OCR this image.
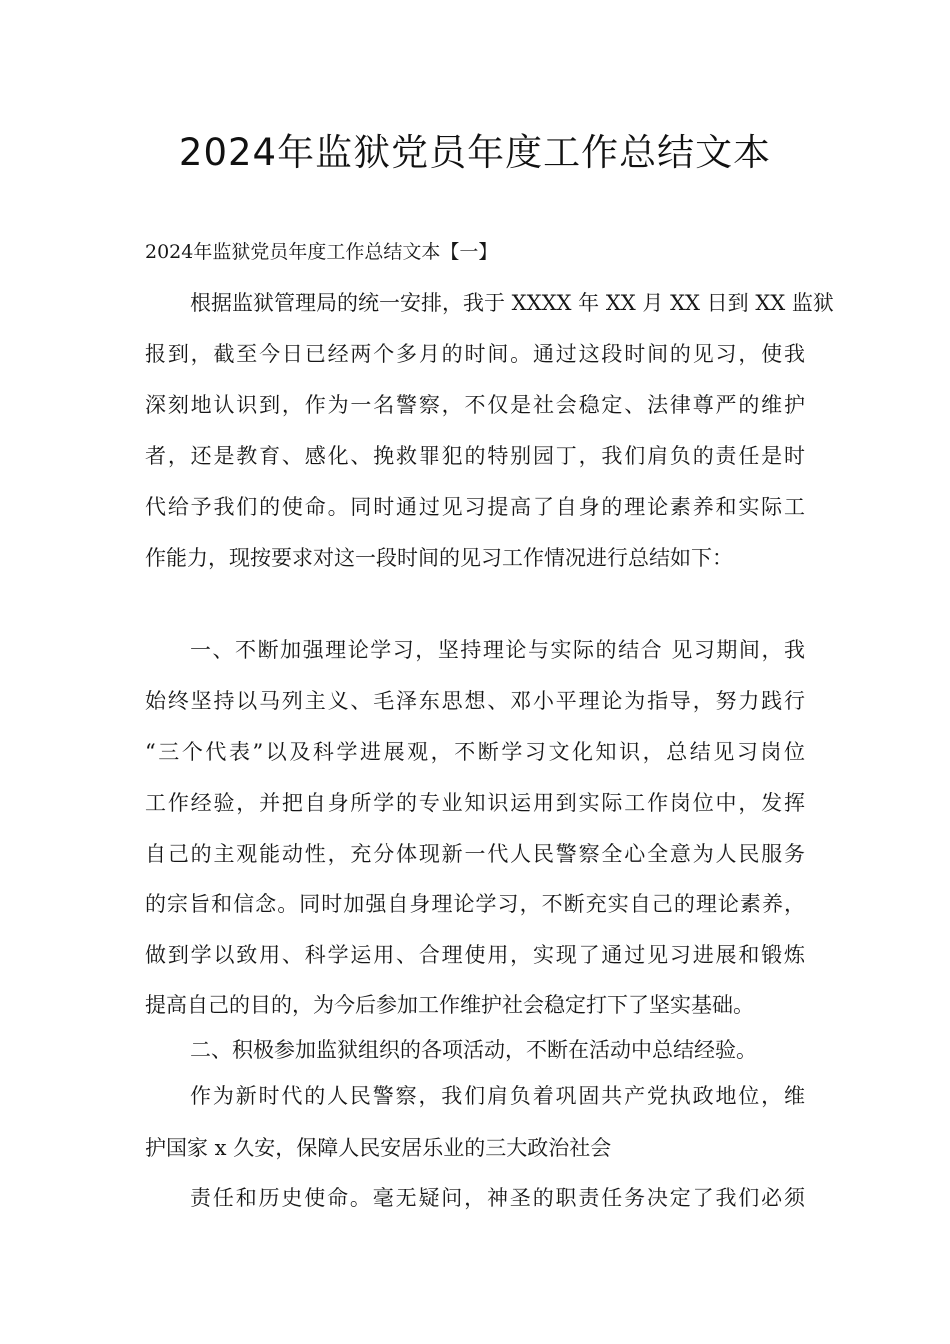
2024年监狱党员年度工作总结文本
2024年监狱党员年度工作总结文本【一】
根据监狱管理局的统一安排，我于 XXXX 年 XX 月 XX 日到 XX 监狱
报到，截至今日已经两个多月的时间。通过这段时间的见习，使我
深刻地认识到，作为一名警察，不仅是社会稳定、法律尊严的维护
者，还是教育、感化、挽救罪犯的特别园丁，我们肩负的责任是时
代给予我们的使命。同时通过见习提高了自身的理论素养和实际工
作能力，现按要求对这一段时间的见习工作情况进行总结如下：
一、不断加强理论学习，坚持理论与实际的结合 见习期间，我
始终坚持以马列主义、毛泽东思想、邓小平理论为指导，努力践行
“三个代表”以及科学进展观，不断学习文化知识，总结见习岗位
工作经验，并把自身所学的专业知识运用到实际工作岗位中，发挥
自己的主观能动性，充分体现新一代人民警察全心全意为人民服务
的宗旨和信念。同时加强自身理论学习，不断充实自己的理论素养，
做到学以致用、科学运用、合理使用，实现了通过见习进展和锻炼
提高自己的目的，为今后参加工作维护社会稳定打下了坚实基础。
二、积极参加监狱组织的各项活动，不断在活动中总结经验。
作为新时代的人民警察，我们肩负着巩固共产党执政地位，维
护国家 x 久安，保障人民安居乐业的三大政治社会
责任和历史使命。毫无疑问，神圣的职责任务决定了我们必须
